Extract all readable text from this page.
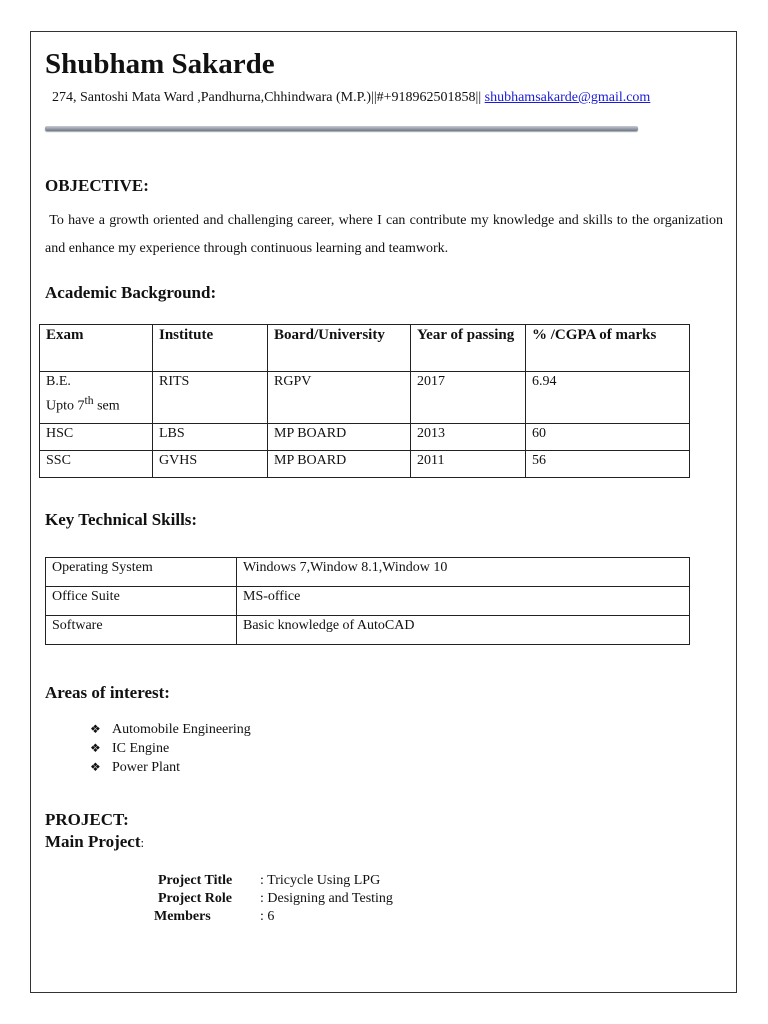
Shubham Sakarde
274, Santoshi Mata Ward ,Pandhurna,Chhindwara (M.P.)||#+918962501858|| shubhamsakarde@gmail.com
OBJECTIVE:
To have a growth oriented and challenging career, where I can contribute my knowledge and skills to the organization and enhance my experience through continuous learning and teamwork.
Academic Background:
Exam	Institute	Board/University	Year of passing	% /CGPA of marks
B.E.
Upto 7th sem	RITS	RGPV	2017	6.94
HSC	LBS	MP BOARD	2013	60
SSC	GVHS	MP BOARD	2011	56
Key Technical Skills:
Operating System	Windows 7,Window 8.1,Window 10
Office Suite	MS-office
Software	Basic knowledge of AutoCAD
Areas of interest:
❖ Automobile Engineering
❖ IC Engine
❖ Power Plant
PROJECT:
Main Project:
Project Title : Tricycle Using LPG
Project Role : Designing and Testing
Members	: 6
